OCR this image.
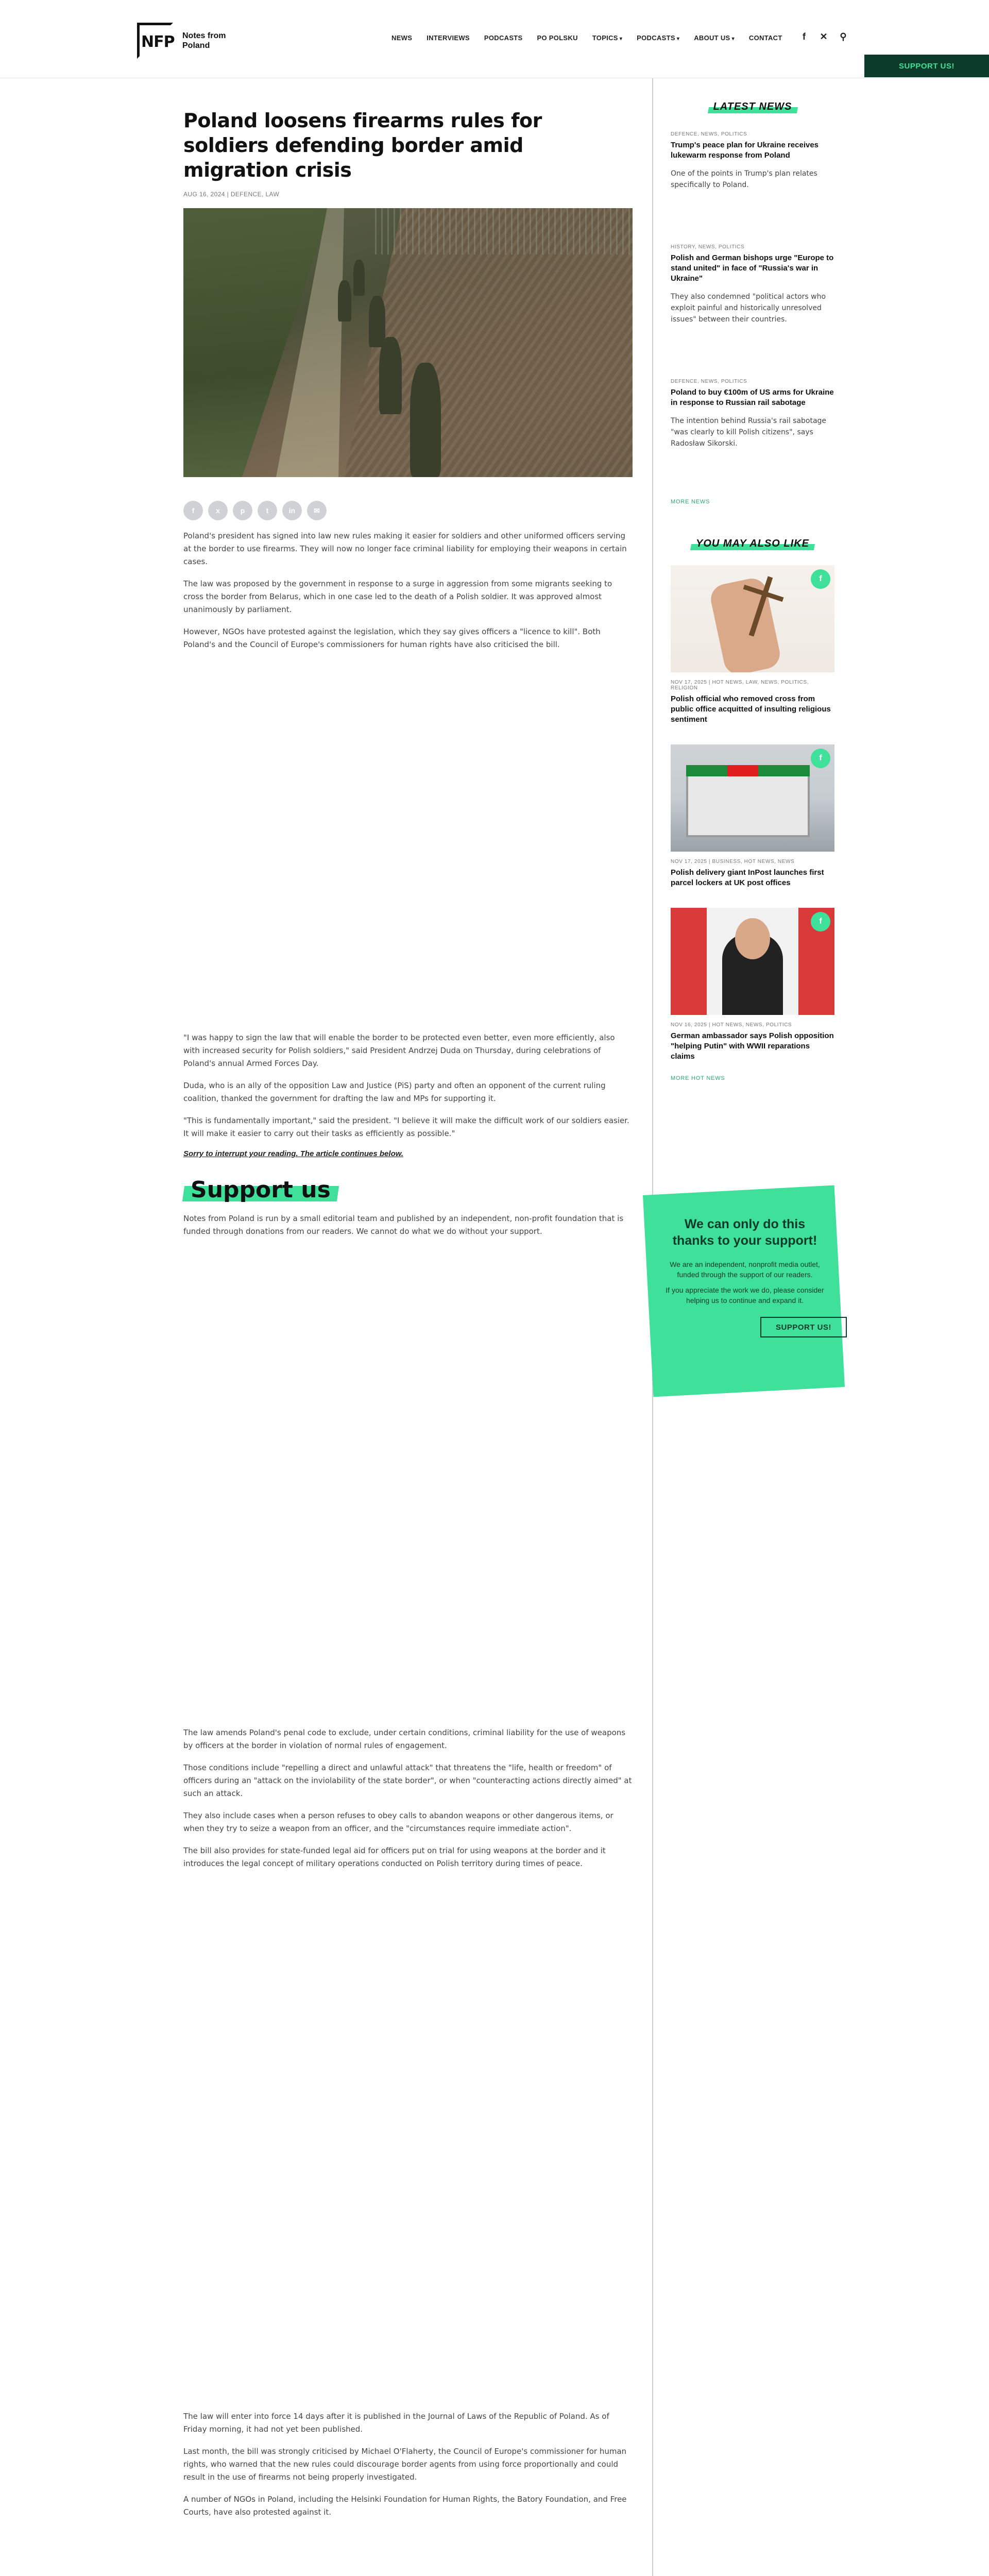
NFP Notes from Poland
NEWS INTERVIEWS PODCASTS PO POLSKU TOPICS ▾	PODCASTS ▾	ABOUT US ▾	CONTACT	f	✕ ⚲
SUPPORT US!
Poland loosens firearms rules for soldiers defending border amid migration crisis
AUG 16, 2024 | DEFENCE, LAW
f	x	p	t	in	✉

Poland's president has signed into law new rules making it easier for soldiers and other uniformed officers serving at the border to use firearms. They will now no longer face criminal liability for employing their weapons in certain cases.

The law was proposed by the government in response to a surge in aggression from some migrants seeking to cross the border from Belarus, which in one case led to the death of a Polish soldier. It was approved almost unanimously by parliament.

However, NGOs have protested against the legislation, which they say gives officers a "licence to kill". Both Poland's and the Council of Europe's commissioners for human rights have also criticised the bill.

"I was happy to sign the law that will enable the border to be protected even better, even more efficiently, also with increased security for Polish soldiers," said President Andrzej Duda on Thursday, during celebrations of Poland's annual Armed Forces Day.

Duda, who is an ally of the opposition Law and Justice (PiS) party and often an opponent of the current ruling coalition, thanked the government for drafting the law and MPs for supporting it.

"This is fundamentally important," said the president. "I believe it will make the difficult work of our soldiers easier. It will make it easier to carry out their tasks as efficiently as possible."

Sorry to interrupt your reading. The article continues below.

Support us

Notes from Poland is run by a small editorial team and published by an independent, non-profit foundation that is funded through donations from our readers. We cannot do what we do without your support.

The law amends Poland's penal code to exclude, under certain conditions, criminal liability for the use of weapons by officers at the border in violation of normal rules of engagement.

Those conditions include "repelling a direct and unlawful attack" that threatens the "life, health or freedom" of officers during an "attack on the inviolability of the state border", or when "counteracting actions directly aimed" at such an attack.

They also include cases when a person refuses to obey calls to abandon weapons or other dangerous items, or when they try to seize a weapon from an officer, and the "circumstances require immediate action".

The bill also provides for state-funded legal aid for officers put on trial for using weapons at the border and it introduces the legal concept of military operations conducted on Polish territory during times of peace.

The law will enter into force 14 days after it is published in the Journal of Laws of the Republic of Poland. As of Friday morning, it had not yet been published.

Last month, the bill was strongly criticised by Michael O'Flaherty, the Council of Europe's commissioner for human rights, who warned that the new rules could discourage border agents from using force proportionally and could result in the use of firearms not being properly investigated.

A number of NGOs in Poland, including the Helsinki Foundation for Human Rights, the Batory Foundation, and Free Courts, have also protested against it.

LATEST NEWS
DEFENCE, NEWS, POLITICS
Trump's peace plan for Ukraine receives lukewarm response from Poland
One of the points in Trump's plan relates specifically to Poland.
HISTORY, NEWS, POLITICS
Polish and German bishops urge "Europe to stand united" in face of "Russia's war in Ukraine"
They also condemned "political actors who exploit painful and historically unresolved issues" between their countries.
DEFENCE, NEWS, POLITICS
Poland to buy €100m of US arms for Ukraine in response to Russian rail sabotage
The intention behind Russia's rail sabotage "was clearly to kill Polish citizens", says Radosław Sikorski.
MORE NEWS
YOU MAY ALSO LIKE
f
NOV 17, 2025 | HOT NEWS, LAW, NEWS, POLITICS, RELIGION
Polish official who removed cross from public office acquitted of insulting religious sentiment
f
NOV 17, 2025 | BUSINESS, HOT NEWS, NEWS
Polish delivery giant InPost launches first parcel lockers at UK post offices
f
NOV 16, 2025 | HOT NEWS, NEWS, POLITICS
German ambassador says Polish opposition "helping Putin" with WWII reparations claims
MORE HOT NEWS
We can only do this thanks to your support!
We are an independent, nonprofit media outlet, funded through the support of our readers.
If you appreciate the work we do, please consider helping us to continue and expand it.
SUPPORT US!
